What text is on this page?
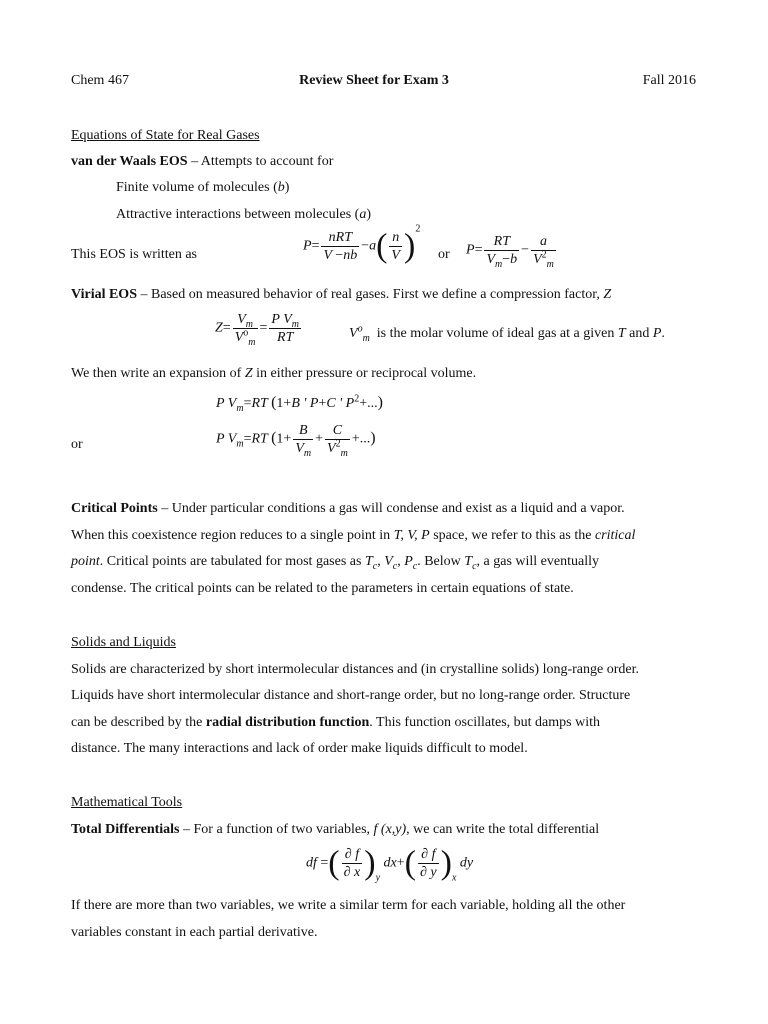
Chem 467	Review Sheet for Exam 3	Fall 2016
Equations of State for Real Gases
van der Waals EOS – Attempts to account for
Finite volume of molecules (b)
Attractive interactions between molecules (a)
This EOS is written as
$P= \frac{\text{nRT}}{V -nb} -a( \frac{n}{V} )^2$
or $P= \frac{RT}{V_m-b} - \frac{a}{V^2_m}$
Virial EOS – Based on measured behavior of real gases. First we define a compression factor, Z
$Z= \frac{V_m}{V^o_m} = \frac{P V_m}{RT}$	$V^o_m$ is the molar volume of ideal gas at a given T and P.
We then write an expansion of Z in either pressure or reciprocal volume.
P $V_m=RT$ (1+B ' P+C ' $P^2+$...)
or	P $V_m=RT$ ($1+ \frac{B}{V_m} + \frac{C}{V^2_m}$ +...)
Critical Points – Under particular conditions a gas will condense and exist as a liquid and a vapor.
When this coexistence region reduces to a single point in T, V, P space, we refer to this as the critical
point. Critical points are tabulated for most gases as $T_c$, $V_c$, $P_c$. Below $T_c$, a gas will eventually
condense. The critical points can be related to the parameters in certain equations of state.
Solids and Liquids
Solids are characterized by short intermolecular distances and (in crystalline solids) long-range order.
Liquids have short intermolecular distance and short-range order, but no long-range order. Structure
can be described by the radial distribution function. This function oscillates, but damps with
distance. The many interactions and lack of order make liquids difficult to model.
Mathematical Tools
Total Differentials – For a function of two variables, f (x,y), we can write the total differential
df =( $\frac{\partial f}{\partial x} )_y$ $dx+( \frac{\partial f}{\partial y} )_x$ dy
If there are more than two variables, we write a similar term for each variable, holding all the other
variables constant in each partial derivative.
